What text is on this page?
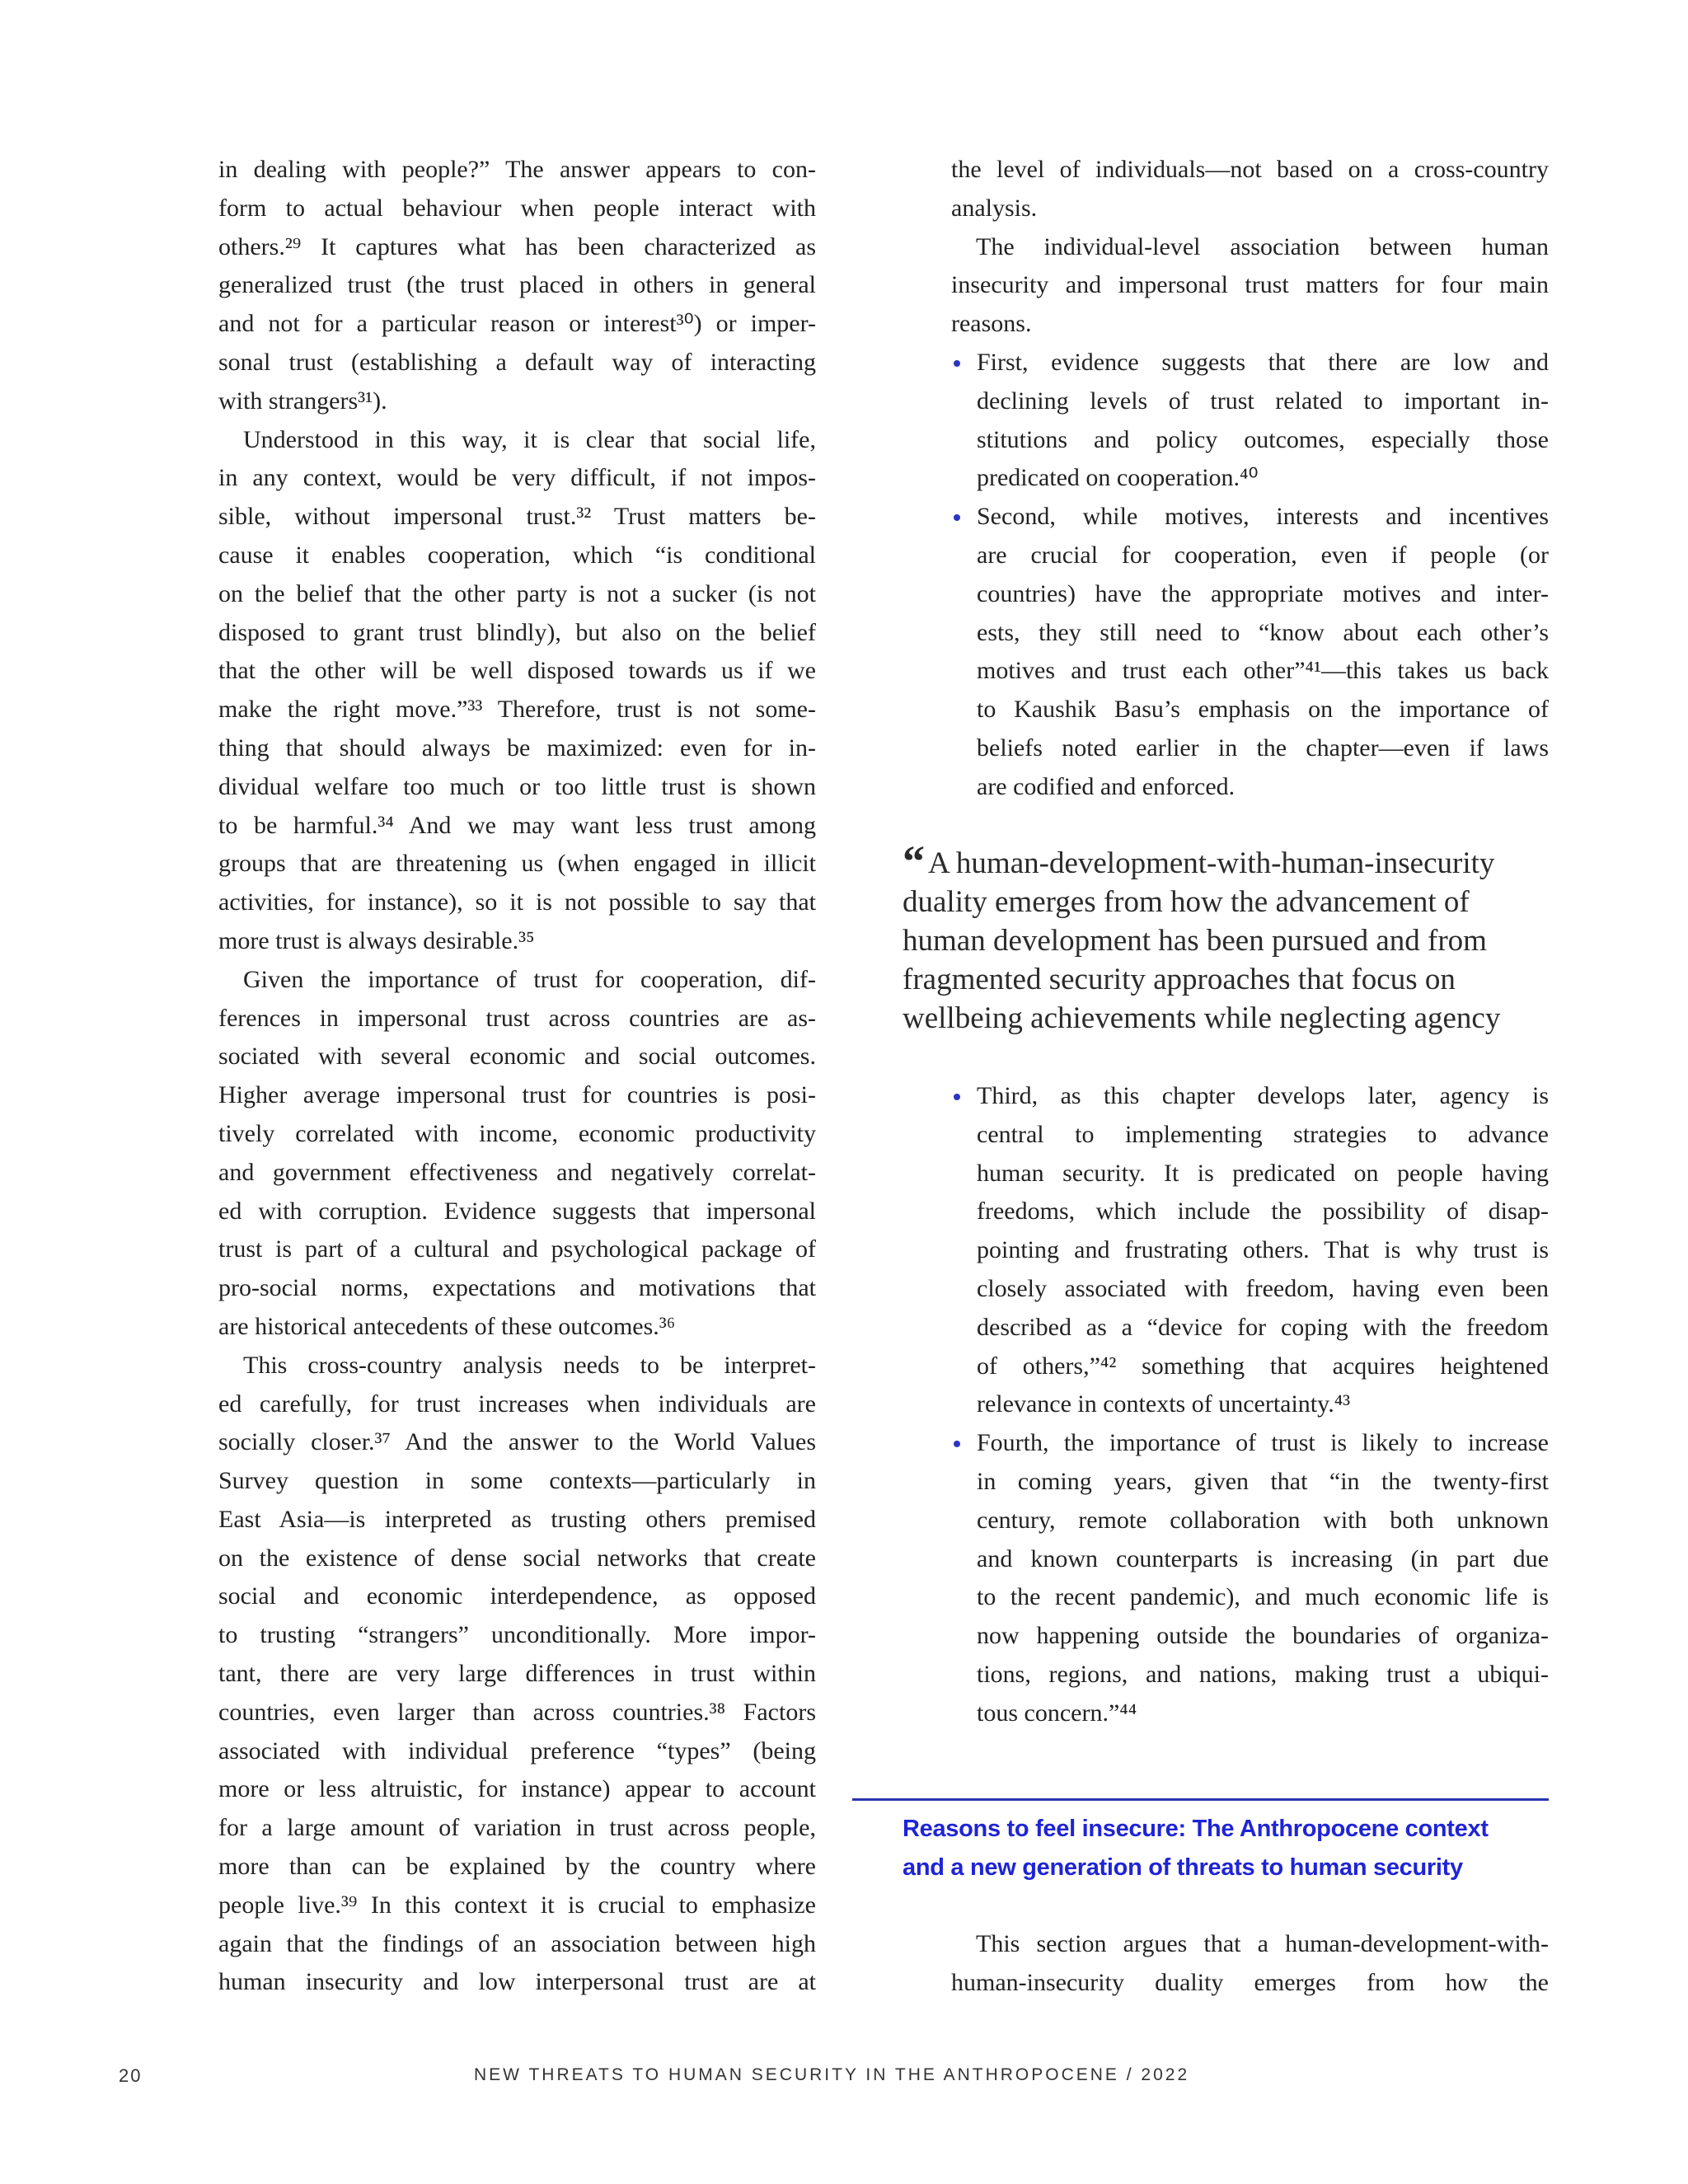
in dealing with people?” The answer appears to con-
form to actual behaviour when people interact with
others.²⁹ It captures what has been characterized as
generalized trust (the trust placed in others in general
and not for a particular reason or interest³⁰) or imper-
sonal trust (establishing a default way of interacting
with strangers³¹).
Understood in this way, it is clear that social life,
in any context, would be very difficult, if not impos-
sible, without impersonal trust.³² Trust matters be-
cause it enables cooperation, which “is conditional
on the belief that the other party is not a sucker (is not
disposed to grant trust blindly), but also on the belief
that the other will be well disposed towards us if we
make the right move.”³³ Therefore, trust is not some-
thing that should always be maximized: even for in-
dividual welfare too much or too little trust is shown
to be harmful.³⁴ And we may want less trust among
groups that are threatening us (when engaged in illicit
activities, for instance), so it is not possible to say that
more trust is always desirable.³⁵
Given the importance of trust for cooperation, dif-
ferences in impersonal trust across countries are as-
sociated with several economic and social outcomes.
Higher average impersonal trust for countries is posi-
tively correlated with income, economic productivity
and government effectiveness and negatively correlat-
ed with corruption. Evidence suggests that impersonal
trust is part of a cultural and psychological package of
pro-social norms, expectations and motivations that
are historical antecedents of these outcomes.³⁶
This cross-country analysis needs to be interpret-
ed carefully, for trust increases when individuals are
socially closer.³⁷ And the answer to the World Values
Survey question in some contexts—particularly in
East Asia—is interpreted as trusting others premised
on the existence of dense social networks that create
social and economic interdependence, as opposed
to trusting “strangers” unconditionally. More impor-
tant, there are very large differences in trust within
countries, even larger than across countries.³⁸ Factors
associated with individual preference “types” (being
more or less altruistic, for instance) appear to account
for a large amount of variation in trust across people,
more than can be explained by the country where
people live.³⁹ In this context it is crucial to emphasize
again that the findings of an association between high
human insecurity and low interpersonal trust are at
the level of individuals—not based on a cross-country
analysis.
The individual-level association between human
insecurity and impersonal trust matters for four main
reasons.
First, evidence suggests that there are low and
declining levels of trust related to important in-
stitutions and policy outcomes, especially those
predicated on cooperation.⁴⁰
Second, while motives, interests and incentives
are crucial for cooperation, even if people (or
countries) have the appropriate motives and inter-
ests, they still need to “know about each other’s
motives and trust each other”⁴¹—this takes us back
to Kaushik Basu’s emphasis on the importance of
beliefs noted earlier in the chapter—even if laws
are codified and enforced.
“ A human-development-with-human-insecurity
duality emerges from how the advancement of
human development has been pursued and from
fragmented security approaches that focus on
wellbeing achievements while neglecting agency
Third, as this chapter develops later, agency is
central to implementing strategies to advance
human security. It is predicated on people having
freedoms, which include the possibility of disap-
pointing and frustrating others. That is why trust is
closely associated with freedom, having even been
described as a “device for coping with the freedom
of others,”⁴² something that acquires heightened
relevance in contexts of uncertainty.⁴³
Fourth, the importance of trust is likely to increase
in coming years, given that “in the twenty-first
century, remote collaboration with both unknown
and known counterparts is increasing (in part due
to the recent pandemic), and much economic life is
now happening outside the boundaries of organiza-
tions, regions, and nations, making trust a ubiqui-
tous concern.”⁴⁴
Reasons to feel insecure: The Anthropocene context
and a new generation of threats to human security
This section argues that a human-development-with-
human-insecurity duality emerges from how the
20	NEW THREATS TO HUMAN SECURITY IN THE ANTHROPOCENE / 2022
